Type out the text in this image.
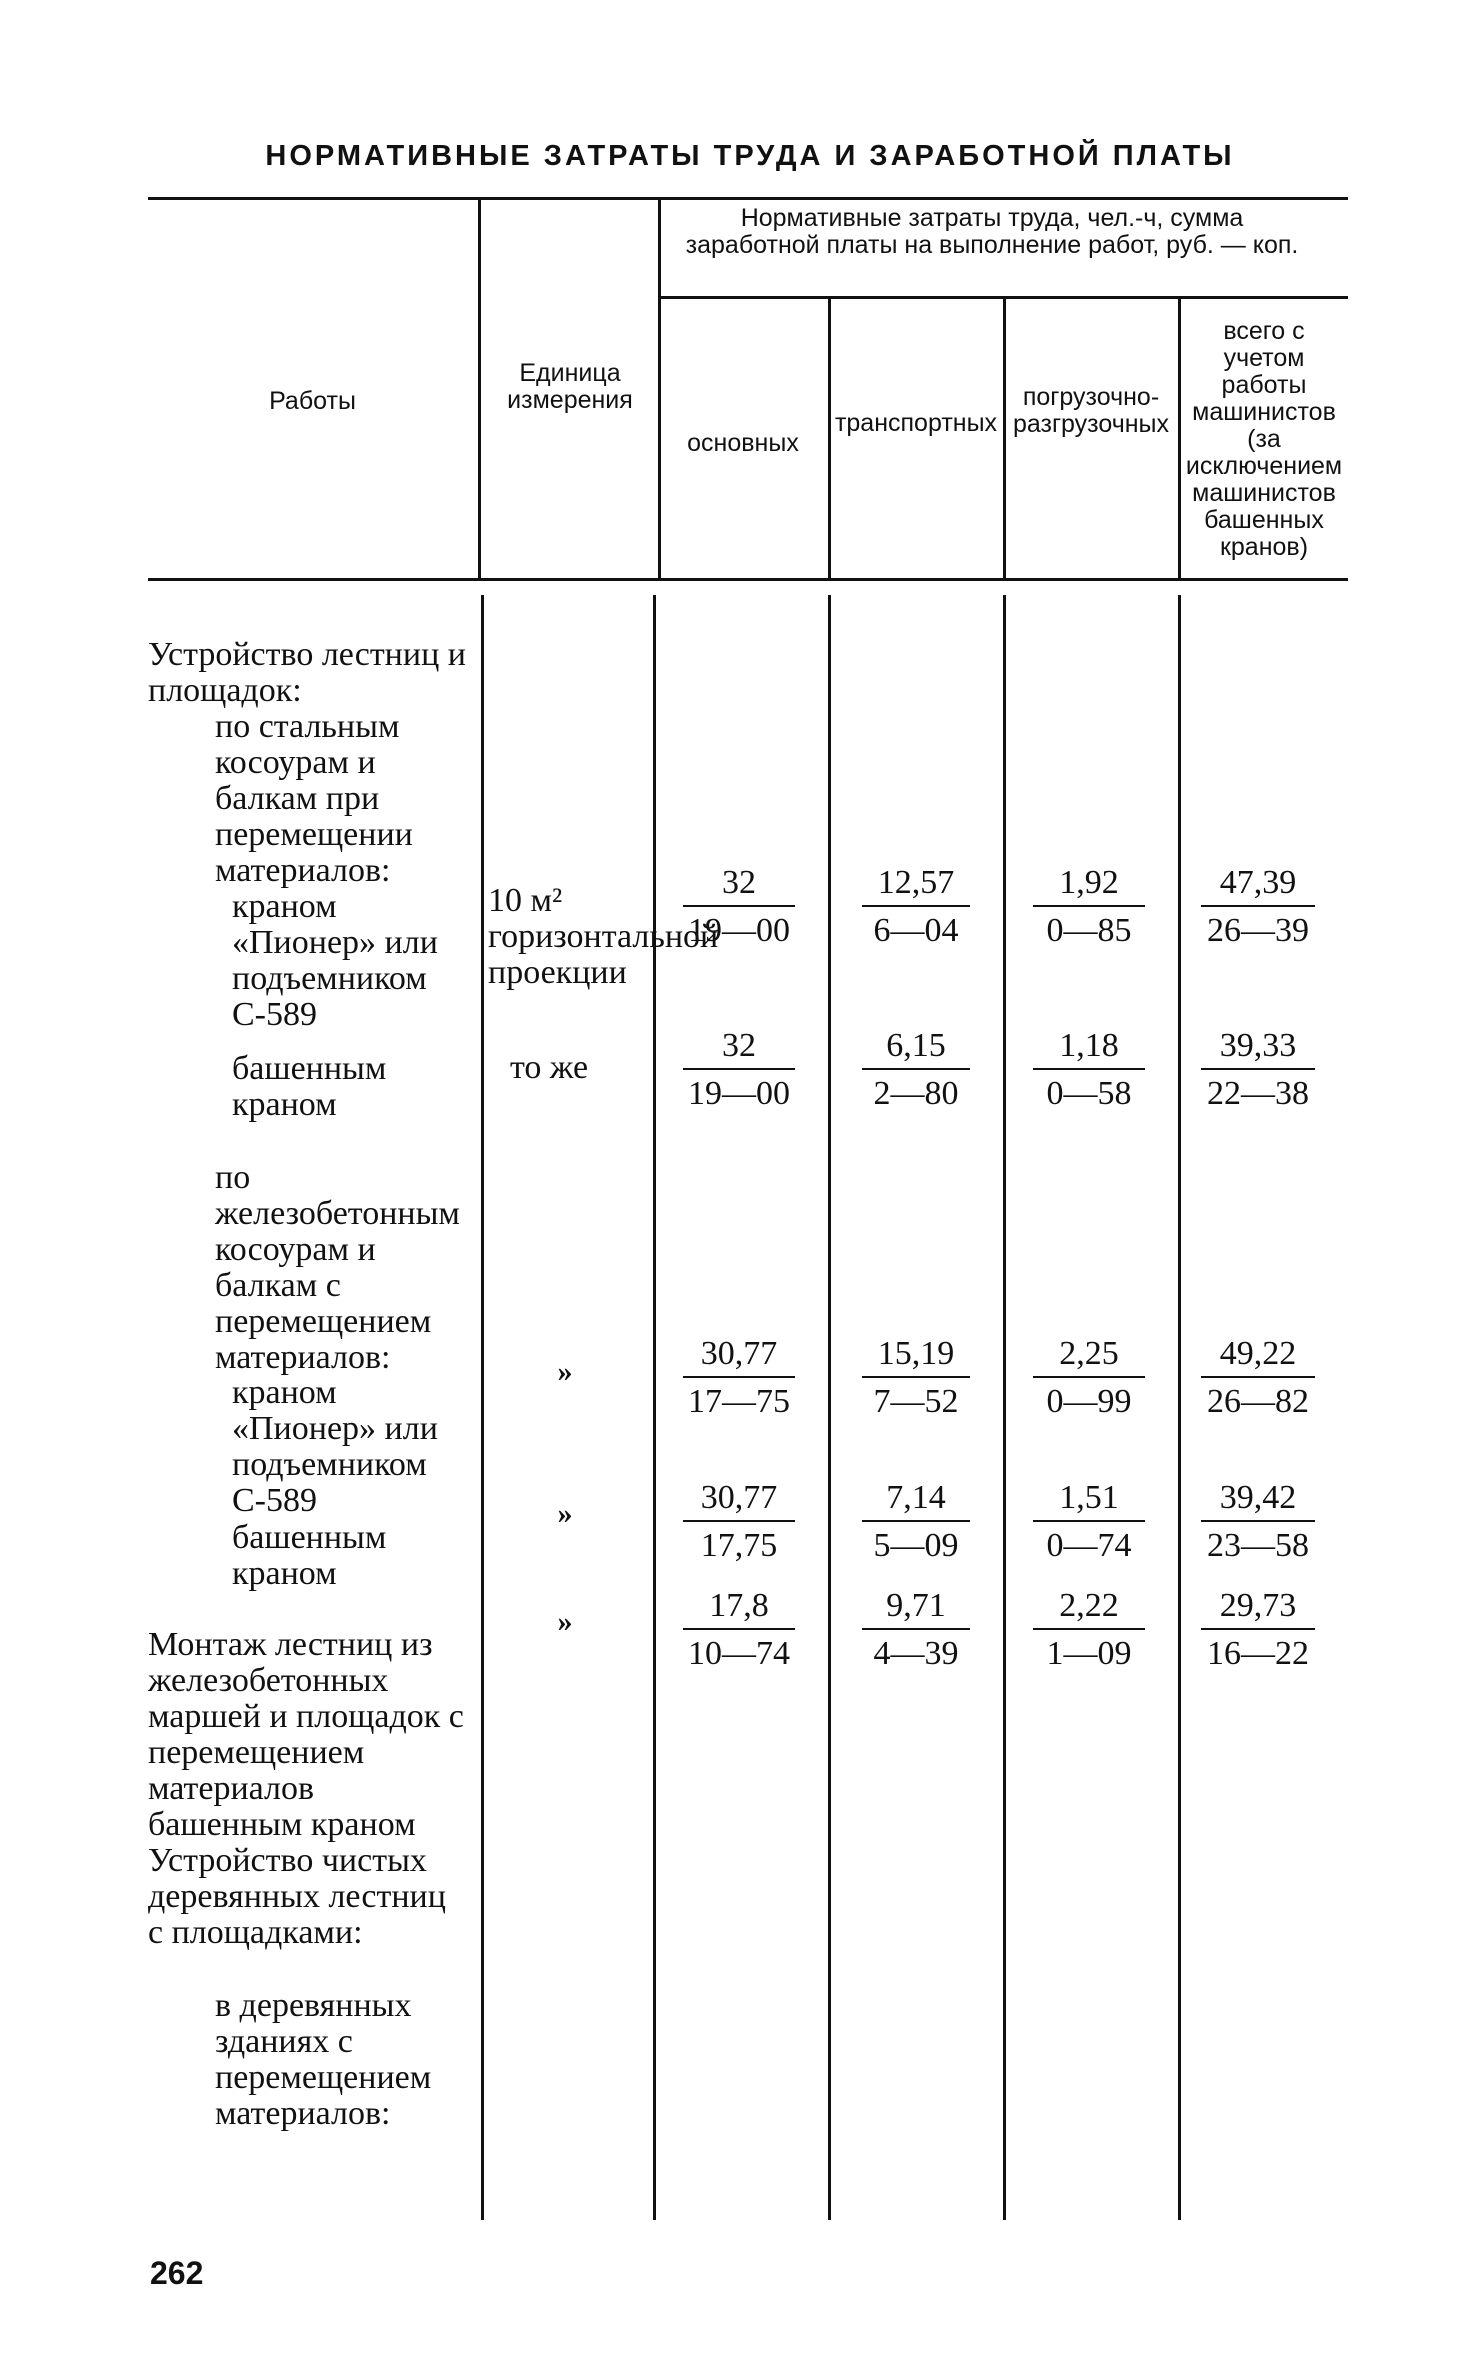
НОРМАТИВНЫЕ ЗАТРАТЫ ТРУДА И ЗАРАБОТНОЙ ПЛАТЫ
Работы
Единица измерения
Нормативные затраты труда, чел.-ч, сумма заработной платы на выполнение работ, руб. — коп.
основных
транспортных
погрузочно-разгрузочных
всего с учетом работы машинистов (за исключением машинистов башенных кранов)
Устройство лестниц и площадок:
по стальным косоурам и балкам при перемещении материалов:
краном «Пионер» или подъемником С-589
башенным краном
по железобетонным косоурам и балкам с перемещением материалов:
краном «Пионер» или подъемником С-589
башенным краном
Монтаж лестниц из железобетонных маршей и площадок с перемещением материалов башенным краном
Устройство чистых деревянных лестниц с площадками:
в деревянных зданиях с перемещением материалов:
10 м² горизонтальной проекции
то же
»
»
»
32
19—00
12,57
6—04
1,92
0—85
47,39
26—39
32
19—00
6,15
2—80
1,18
0—58
39,33
22—38
30,77
17—75
15,19
7—52
2,25
0—99
49,22
26—82
30,77
17,75
7,14
5—09
1,51
0—74
39,42
23—58
17,8
10—74
9,71
4—39
2,22
1—09
29,73
16—22
262
